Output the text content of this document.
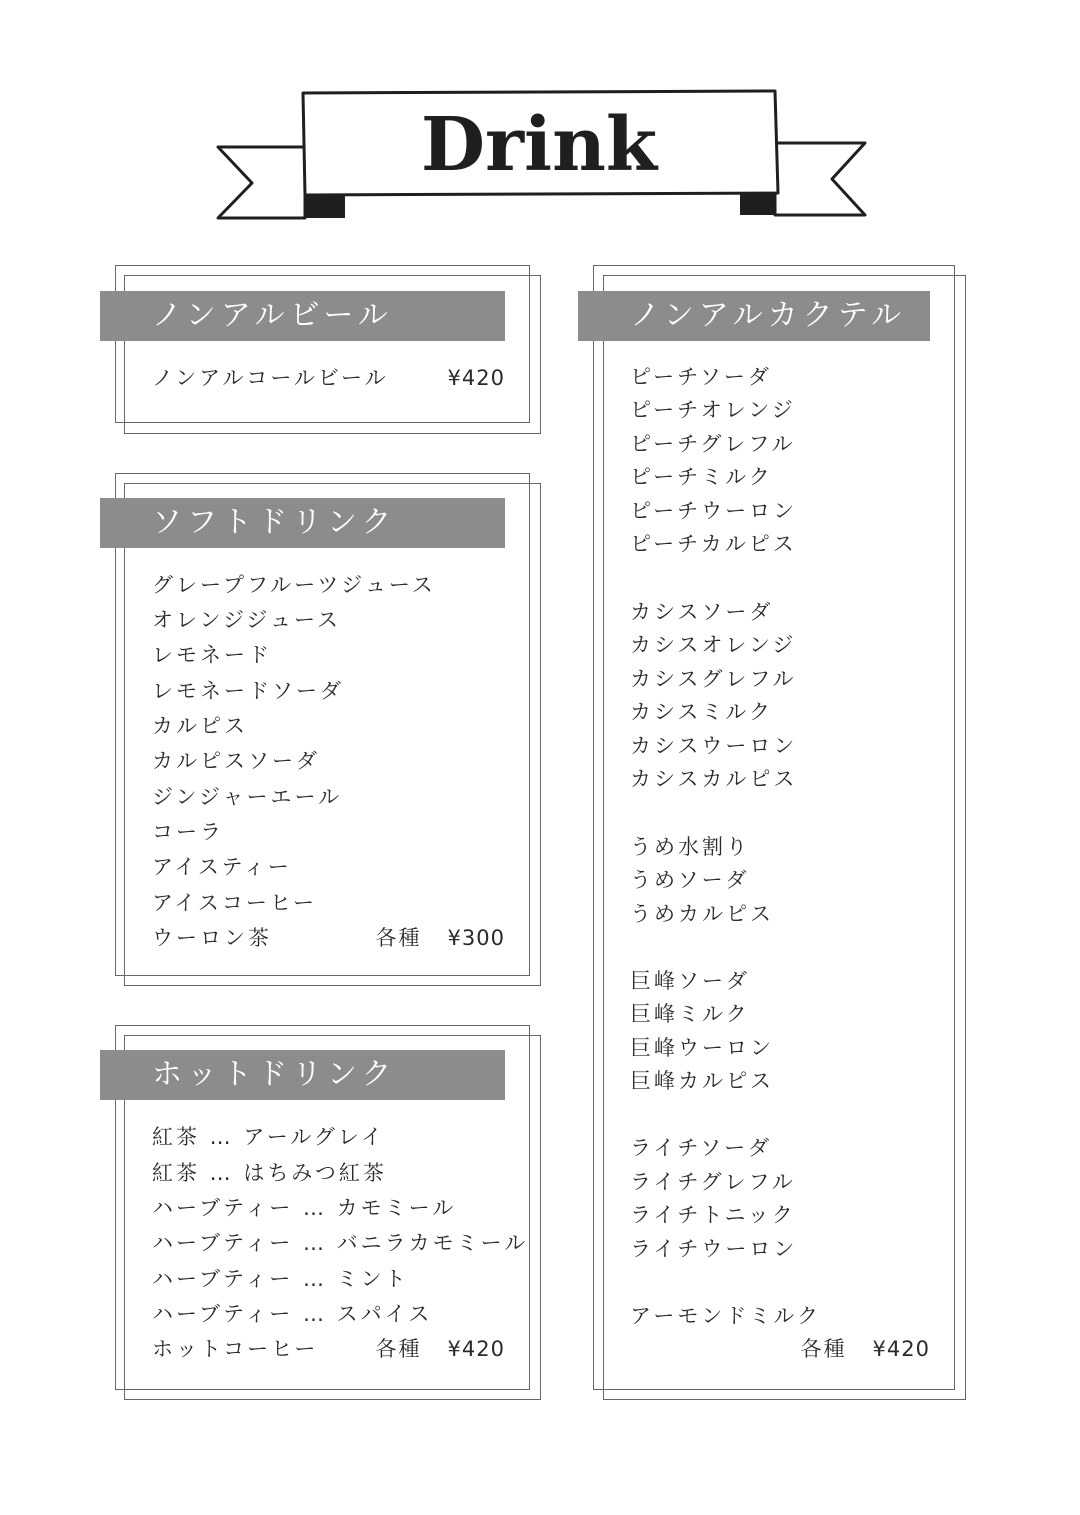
Drink
ノンアルビール
ノンアルコールビール	¥420
ソフトドリンク
グレープフルーツジュース
オレンジジュース
レモネード
レモネードソーダ
カルピス
カルピスソーダ
ジンジャーエール
コーラ
アイスティー
アイスコーヒー
ウーロン茶	各種 ¥300
ホットドリンク
紅茶 … アールグレイ
紅茶 … はちみつ紅茶
ハーブティー … カモミール
ハーブティー … バニラカモミール
ハーブティー … ミント
ハーブティー … スパイス
ホットコーヒー	各種 ¥420
ノンアルカクテル
ピーチソーダ
ピーチオレンジ
ピーチグレフル
ピーチミルク
ピーチウーロン
ピーチカルピス
カシスソーダ
カシスオレンジ
カシスグレフル
カシスミルク
カシスウーロン
カシスカルピス
うめ水割り
うめソーダ
うめカルピス
巨峰ソーダ
巨峰ミルク
巨峰ウーロン
巨峰カルピス
ライチソーダ
ライチグレフル
ライチトニック
ライチウーロン
アーモンドミルク
各種 ¥420
